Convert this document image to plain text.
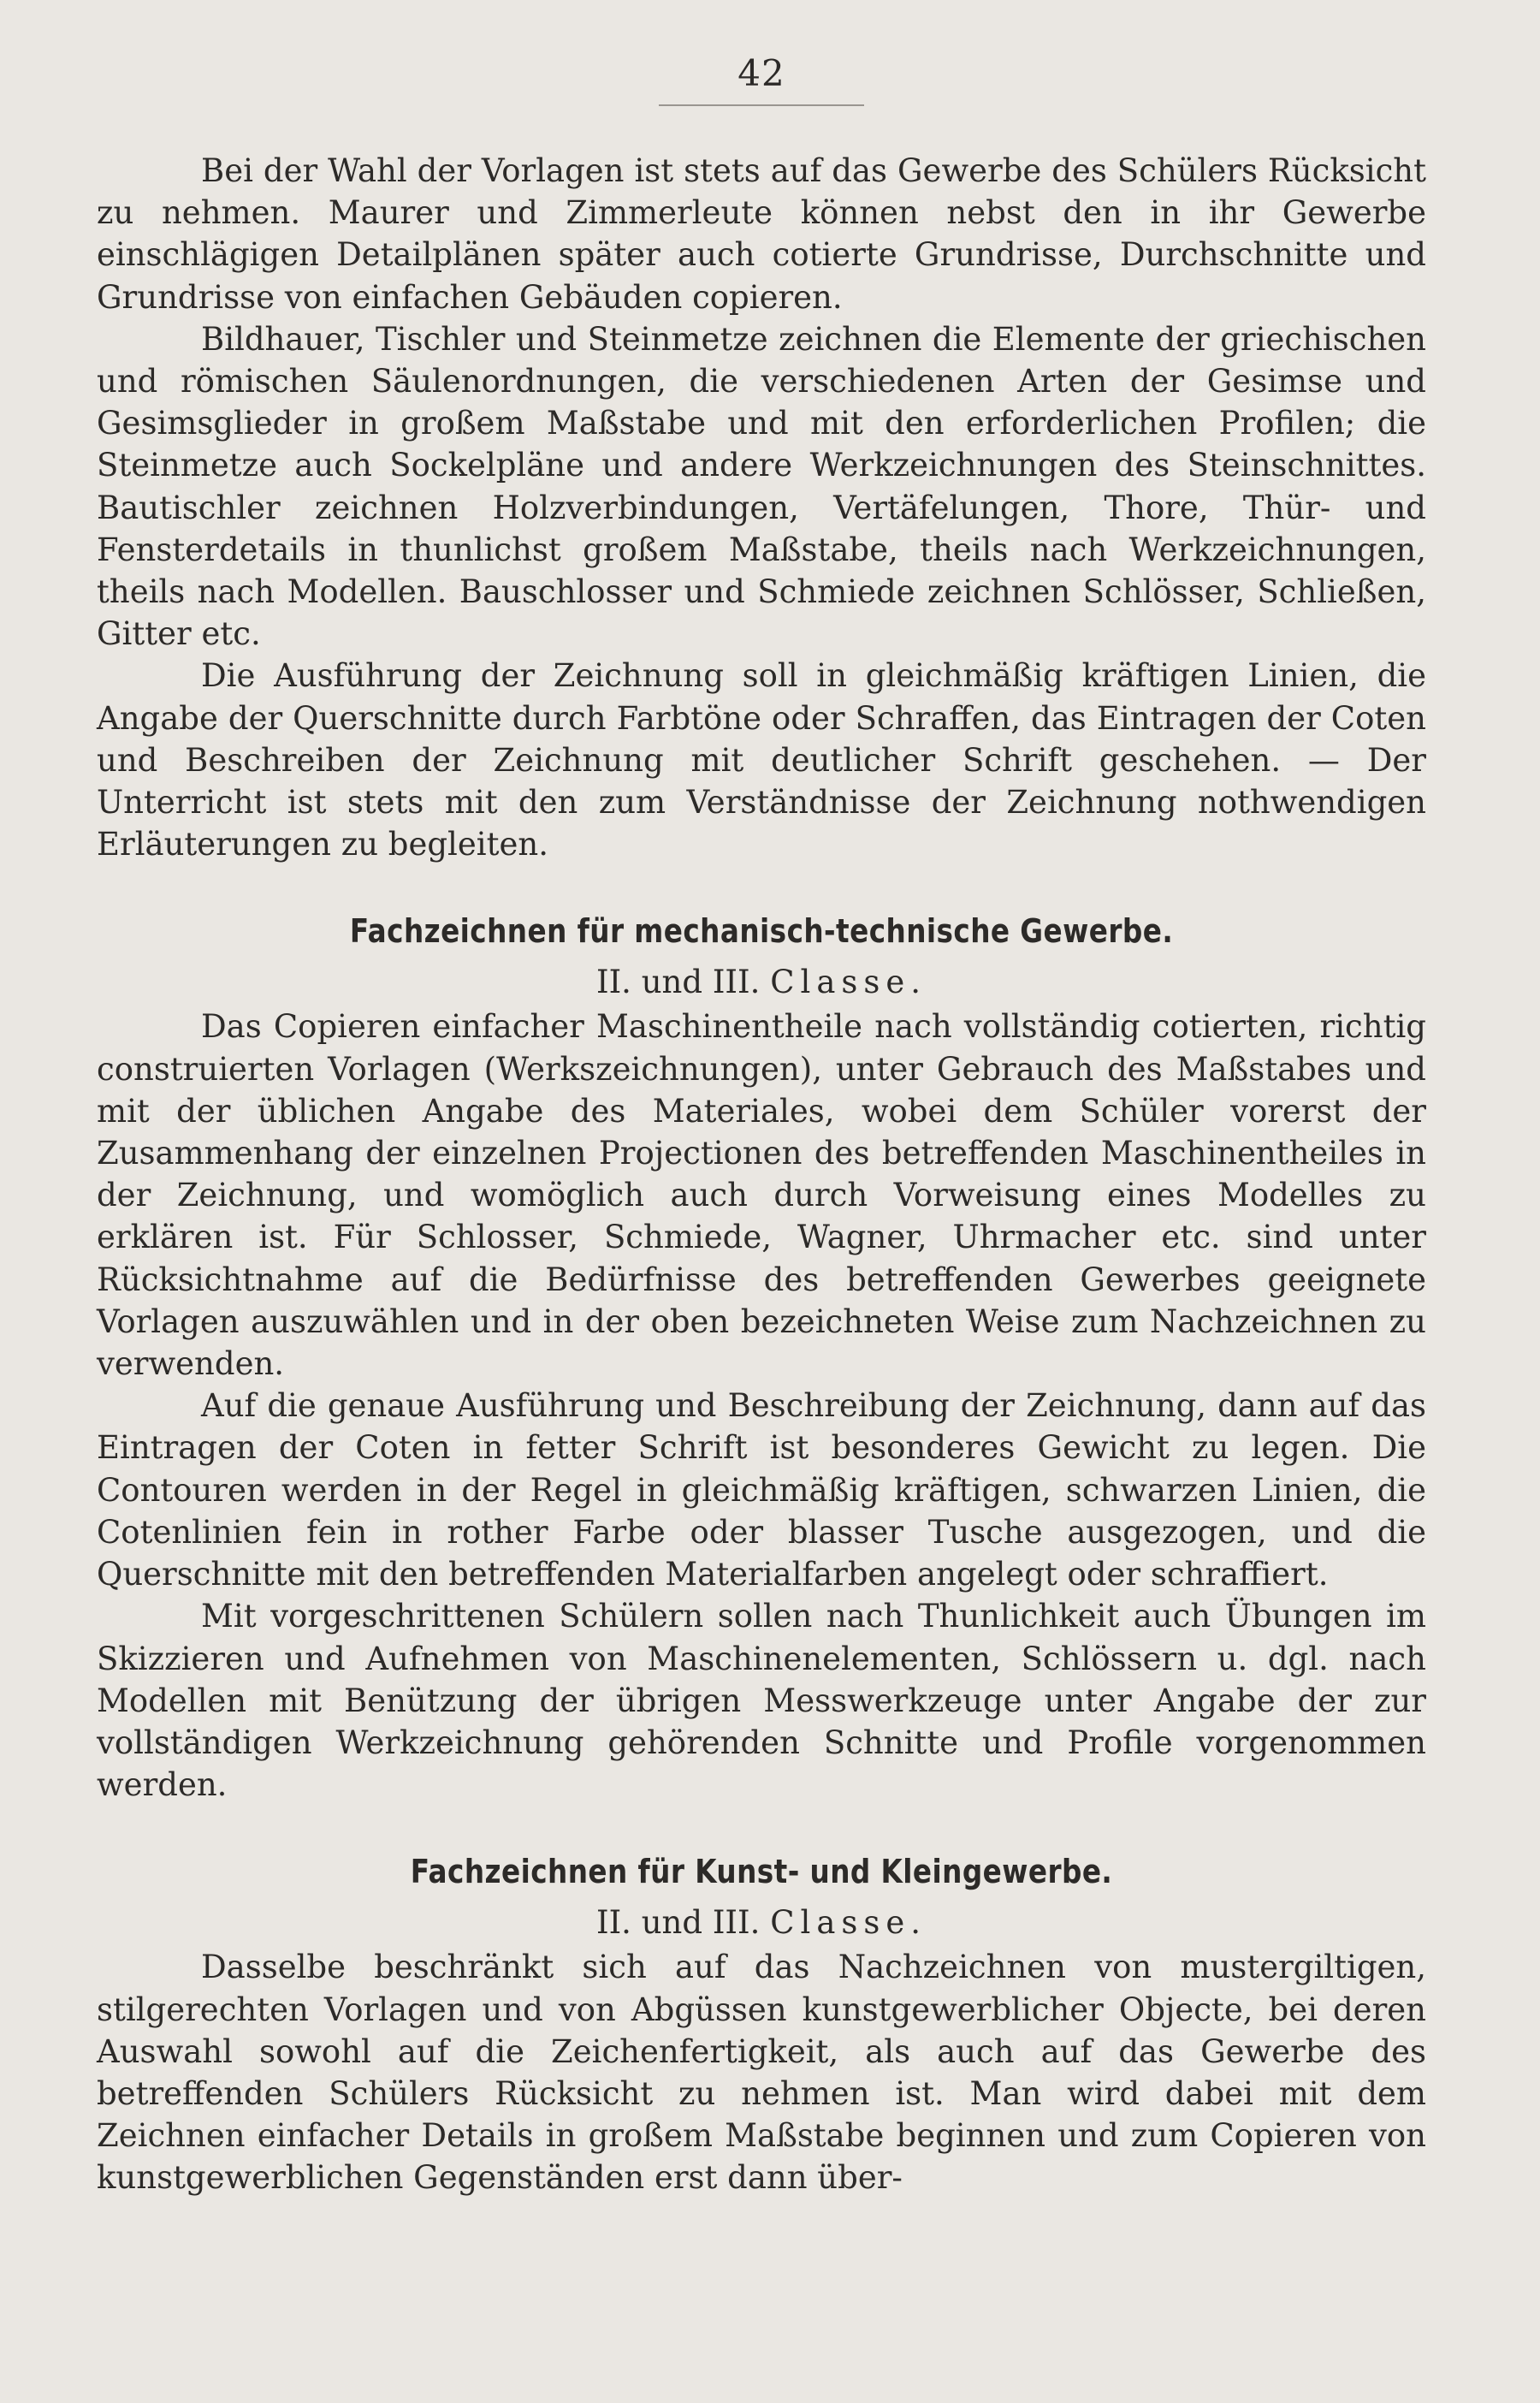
42

Bei der Wahl der Vorlagen ist stets auf das Gewerbe des Schülers Rücksicht zu nehmen. Maurer und Zimmerleute können nebst den in ihr Gewerbe einschlägigen Detailplänen später auch cotierte Grundrisse, Durchschnitte und Grundrisse von einfachen Gebäuden copieren.

Bildhauer, Tischler und Steinmetze zeichnen die Elemente der griechischen und römischen Säulenordnungen, die verschiedenen Arten der Gesimse und Gesimsglieder in großem Maßstabe und mit den erforderlichen Profilen; die Steinmetze auch Sockelpläne und andere Werkzeichnungen des Steinschnittes. Bautischler zeichnen Holzverbindungen, Vertäfelungen, Thore, Thür- und Fensterdetails in thunlichst großem Maßstabe, theils nach Werkzeichnungen, theils nach Modellen. Bauschlosser und Schmiede zeichnen Schlösser, Schließen, Gitter etc.

Die Ausführung der Zeichnung soll in gleichmäßig kräftigen Linien, die Angabe der Querschnitte durch Farbtöne oder Schraffen, das Eintragen der Coten und Beschreiben der Zeichnung mit deutlicher Schrift geschehen. — Der Unterricht ist stets mit den zum Verständnisse der Zeichnung nothwendigen Erläuterungen zu begleiten.

Fachzeichnen für mechanisch-technische Gewerbe.
II. und III. Classe.

Das Copieren einfacher Maschinentheile nach vollständig cotierten, richtig construierten Vorlagen (Werkszeichnungen), unter Gebrauch des Maßstabes und mit der üblichen Angabe des Materiales, wobei dem Schüler vorerst der Zusammenhang der einzelnen Projectionen des betreffenden Maschinentheiles in der Zeichnung, und womöglich auch durch Vorweisung eines Modelles zu erklären ist. Für Schlosser, Schmiede, Wagner, Uhrmacher etc. sind unter Rücksichtnahme auf die Bedürfnisse des betreffenden Gewerbes geeignete Vorlagen auszuwählen und in der oben bezeichneten Weise zum Nachzeichnen zu verwenden.

Auf die genaue Ausführung und Beschreibung der Zeichnung, dann auf das Eintragen der Coten in fetter Schrift ist besonderes Gewicht zu legen. Die Contouren werden in der Regel in gleichmäßig kräftigen, schwarzen Linien, die Cotenlinien fein in rother Farbe oder blasser Tusche ausgezogen, und die Querschnitte mit den betreffenden Materialfarben angelegt oder schraffiert.

Mit vorgeschrittenen Schülern sollen nach Thunlichkeit auch Übungen im Skizzieren und Aufnehmen von Maschinenelementen, Schlössern u. dgl. nach Modellen mit Benützung der übrigen Messwerkzeuge unter Angabe der zur vollständigen Werkzeichnung gehörenden Schnitte und Profile vorgenommen werden.

Fachzeichnen für Kunst- und Kleingewerbe.
II. und III. Classe.

Dasselbe beschränkt sich auf das Nachzeichnen von mustergiltigen, stilgerechten Vorlagen und von Abgüssen kunstgewerblicher Objecte, bei deren Auswahl sowohl auf die Zeichenfertigkeit, als auch auf das Gewerbe des betreffenden Schülers Rücksicht zu nehmen ist. Man wird dabei mit dem Zeichnen einfacher Details in großem Maßstabe beginnen und zum Copieren von kunstgewerblichen Gegenständen erst dann über-
